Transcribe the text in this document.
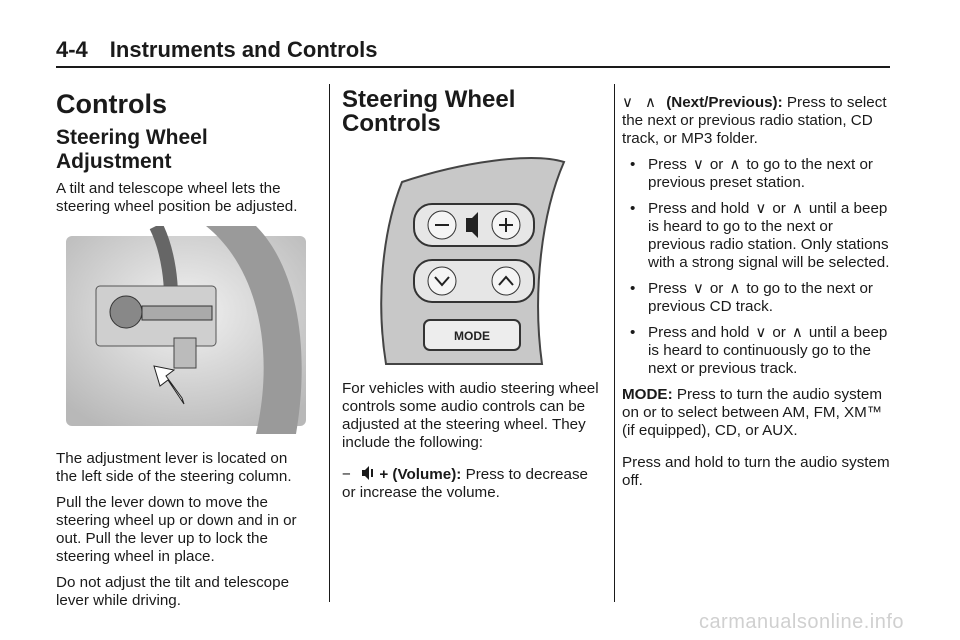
4-4 Instruments and Controls
Controls
Steering Wheel Adjustment

A tilt and telescope wheel lets the steering wheel position be adjusted.

The adjustment lever is located on the left side of the steering column.

Pull the lever down to move the steering wheel up or down and in or out. Pull the lever up to lock the steering wheel in place.

Do not adjust the tilt and telescope lever while driving.

Steering Wheel Controls
MODE

For vehicles with audio steering wheel controls some audio controls can be adjusted at the steering wheel. They include the following:

− + (Volume): Press to decrease or increase the volume.

∨ ∧ (Next/Previous): Press to select the next or previous radio station, CD track, or MP3 folder.

• Press ∨ or ∧ to go to the next or previous preset station.
• Press and hold ∨ or ∧ until a beep is heard to go to the next or previous radio station. Only stations with a strong signal will be selected.
• Press ∨ or ∧ to go to the next or previous CD track.
• Press and hold ∨ or ∧ until a beep is heard to continuously go to the next or previous track.

MODE: Press to turn the audio system on or to select between AM, FM, XM™ (if equipped), CD, or AUX.

Press and hold to turn the audio system off.

carmanualsonline.info
